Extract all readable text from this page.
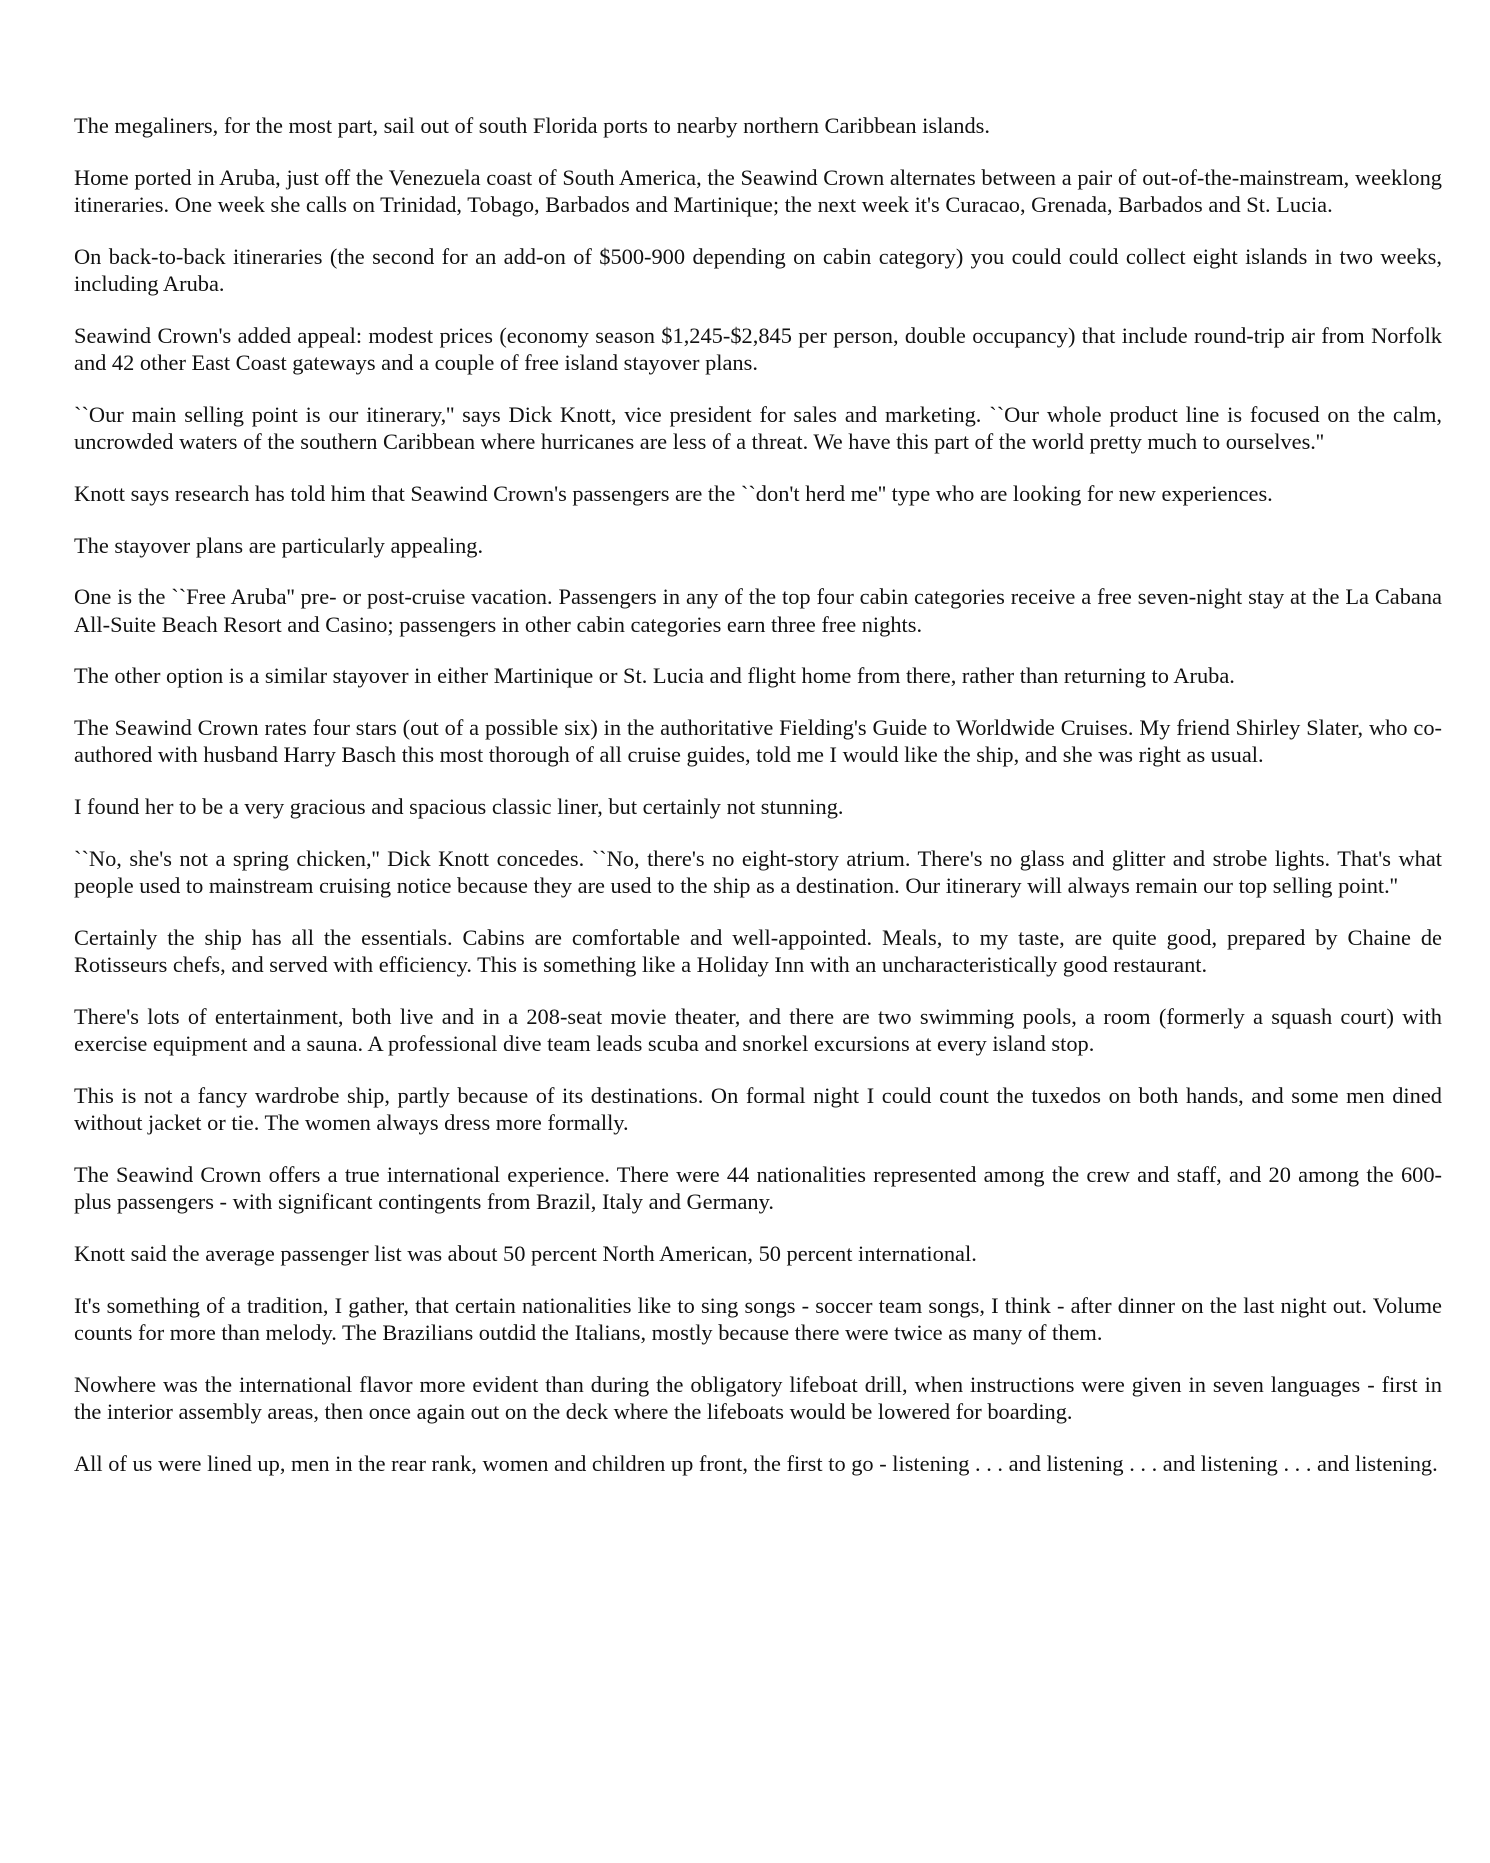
The megaliners, for the most part, sail out of south Florida ports to nearby northern Caribbean islands.

Home ported in Aruba, just off the Venezuela coast of South America, the Seawind Crown alternates between a pair of out-of-the-mainstream, weeklong itineraries. One week she calls on Trinidad, Tobago, Barbados and Martinique; the next week it's Curacao, Grenada, Barbados and St. Lucia.

On back-to-back itineraries (the second for an add-on of $500-900 depending on cabin category) you could could collect eight islands in two weeks, including Aruba.

Seawind Crown's added appeal: modest prices (economy season $1,245-$2,845 per person, double occupancy) that include round-trip air from Norfolk and 42 other East Coast gateways and a couple of free island stayover plans.

``Our main selling point is our itinerary,'' says Dick Knott, vice president for sales and marketing. ``Our whole product line is focused on the calm, uncrowded waters of the southern Caribbean where hurricanes are less of a threat. We have this part of the world pretty much to ourselves.''

Knott says research has told him that Seawind Crown's passengers are the ``don't herd me'' type who are looking for new experiences.

The stayover plans are particularly appealing.

One is the ``Free Aruba'' pre- or post-cruise vacation. Passengers in any of the top four cabin categories receive a free seven-night stay at the La Cabana All-Suite Beach Resort and Casino; passengers in other cabin categories earn three free nights.

The other option is a similar stayover in either Martinique or St. Lucia and flight home from there, rather than returning to Aruba.

The Seawind Crown rates four stars (out of a possible six) in the authoritative Fielding's Guide to Worldwide Cruises. My friend Shirley Slater, who co-authored with husband Harry Basch this most thorough of all cruise guides, told me I would like the ship, and she was right as usual.

I found her to be a very gracious and spacious classic liner, but certainly not stunning.

``No, she's not a spring chicken,'' Dick Knott concedes. ``No, there's no eight-story atrium. There's no glass and glitter and strobe lights. That's what people used to mainstream cruising notice because they are used to the ship as a destination. Our itinerary will always remain our top selling point.''

Certainly the ship has all the essentials. Cabins are comfortable and well-appointed. Meals, to my taste, are quite good, prepared by Chaine de Rotisseurs chefs, and served with efficiency. This is something like a Holiday Inn with an uncharacteristically good restaurant.

There's lots of entertainment, both live and in a 208-seat movie theater, and there are two swimming pools, a room (formerly a squash court) with exercise equipment and a sauna. A professional dive team leads scuba and snorkel excursions at every island stop.

This is not a fancy wardrobe ship, partly because of its destinations. On formal night I could count the tuxedos on both hands, and some men dined without jacket or tie. The women always dress more formally.

The Seawind Crown offers a true international experience. There were 44 nationalities represented among the crew and staff, and 20 among the 600-plus passengers - with significant contingents from Brazil, Italy and Germany.

Knott said the average passenger list was about 50 percent North American, 50 percent international.

It's something of a tradition, I gather, that certain nationalities like to sing songs - soccer team songs, I think - after dinner on the last night out. Volume counts for more than melody. The Brazilians outdid the Italians, mostly because there were twice as many of them.

Nowhere was the international flavor more evident than during the obligatory lifeboat drill, when instructions were given in seven languages - first in the interior assembly areas, then once again out on the deck where the lifeboats would be lowered for boarding.

All of us were lined up, men in the rear rank, women and children up front, the first to go - listening . . . and listening . . . and listening . . . and listening.
